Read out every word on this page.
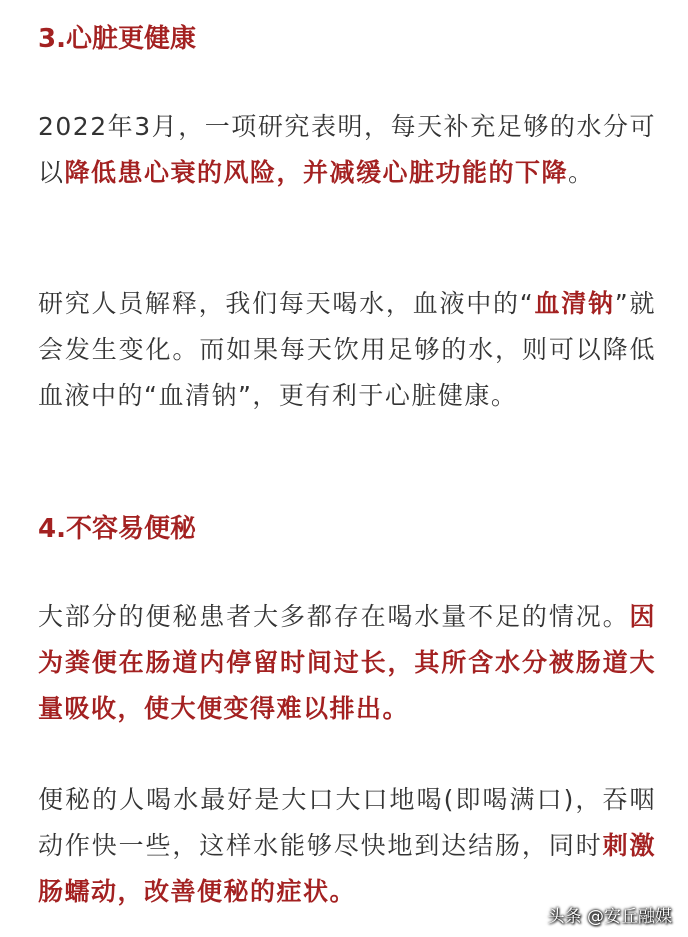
3.心脏更健康

2022年3月，一项研究表明，每天补充足够的水分可以降低患心衰的风险，并减缓心脏功能的下降。

研究人员解释，我们每天喝水，血液中的“血清钠”就会发生变化。而如果每天饮用足够的水，则可以降低血液中的“血清钠”，更有利于心脏健康。

4.不容易便秘

大部分的便秘患者大多都存在喝水量不足的情况。因为粪便在肠道内停留时间过长，其所含水分被肠道大量吸收，使大便变得难以排出。

便秘的人喝水最好是大口大口地喝(即喝满口)，吞咽动作快一些，这样水能够尽快地到达结肠，同时刺激肠蠕动，改善便秘的症状。

头条 @安丘融媒
